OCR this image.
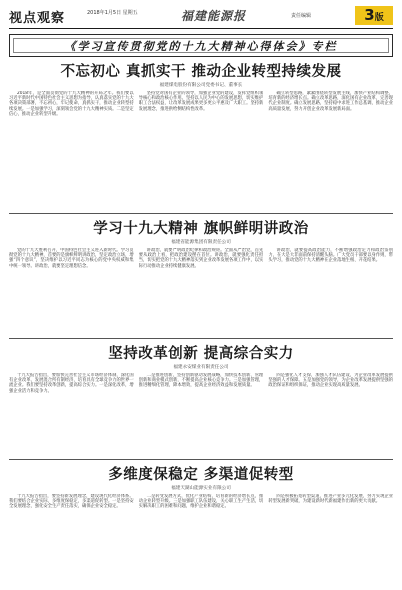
视点观察	2018年1月5日 星期五	福建能源报	责任编辑	3版
《学习宣传贯彻党的十九大精神心得体会》专栏
不忘初心 真抓实干 推动企业转型持续发展
福建煤电股份有限公司党委书记、董事长

2018年，是全面贯彻党的十九大精神的开局之年。我们要以习近平新时代中国特色社会主义思想为指导，认真落实党的十九大各项决策部署，不忘初心，牢记使命，真抓实干，推动企业转型持续发展。一是加强学习，深刻领会党的十九大精神实质。二是坚定信心，推动企业转型升级。

坚持党对国有企业的领导，加强企业党的建设，发挥党组织领导核心和政治核心作用。坚持以人民为中心的发展思想，切实维护职工合法权益，让改革发展成果更多更公平惠及广大职工。坚持新发展理念，推进供给侧结构性改革。

确立转型思路，紧紧围绕转型发展主线，加快产业结构调整，培育新的经济增长点。确立改革思路，深化国有企业改革，完善现代企业制度。确立发展思路，坚持稳中求进工作总基调，推动企业高质量发展，努力开创企业改革发展新局面。

学习十九大精神 旗帜鲜明讲政治
福建省能源集团有限责任公司

党的十九大胜利召开，中国特色社会主义进入新时代。学习贯彻党的十九大精神，首要的是旗帜鲜明讲政治，坚定政治立场，增强“四个意识”，坚决维护以习近平同志为核心的党中央权威和集中统一领导。讲政治，就要坚定理想信念。

讲政治，就要严明政治纪律和政治规矩。全面从严治党，首先要从政治上看，把政治建设摆在首位。讲政治，就要强化责任担当，切实把党的十九大精神落实到企业改革发展各项工作中，以实际行动推动企业持续健康发展。

讲政治，就要提高政治能力，不断增强政治定力和政治鉴别力，在大是大非面前保持清醒头脑。广大党员干部要以身作则，带头学习，推动党的十九大精神在企业落地生根、开花结果。

坚持改革创新 提高综合实力
福建永安煤业有限责任公司

十九大报告指出，要加快完善社会主义市场经济体制，深化国有企业改革，发展混合所有制经济，培育具有全球竞争力的世界一流企业。我们要坚持改革创新，提高综合实力。一是深化改革，增强企业活力和竞争力。

二是推进创新，坚持创新驱动发展战略，加快技术创新、管理创新和商业模式创新，不断提高企业核心竞争力。三是加强管理，推进精细化管理，降本增效，提高企业经济效益和发展质量。

四是强化人才支撑，加强人才队伍建设，为企业改革发展提供坚强的人才保障。五是加强党的领导，为企业改革发展提供坚强的政治保证和组织保证，推动企业实现高质量发展。

多维度保稳定 多渠道促转型
福建天湖山能源实业有限公司

十九大报告指出，要坚持新发展理念，建设现代化经济体系。我们要结合企业实际，多维度保稳定，多渠道促转型。一是坚持安全发展理念，强化安全生产责任落实，确保企业安全稳定。

二是转变发展方式，优化产业结构，培育新的经济增长点，推动企业转型升级。三是加强职工队伍建设，关心职工生产生活，切实解决职工的困难和问题，维护企业和谐稳定。

四是积极拓宽转型渠道，推进产业多元化发展，努力实现企业转型发展新突破，为建设新时代新福建作出新的更大贡献。
